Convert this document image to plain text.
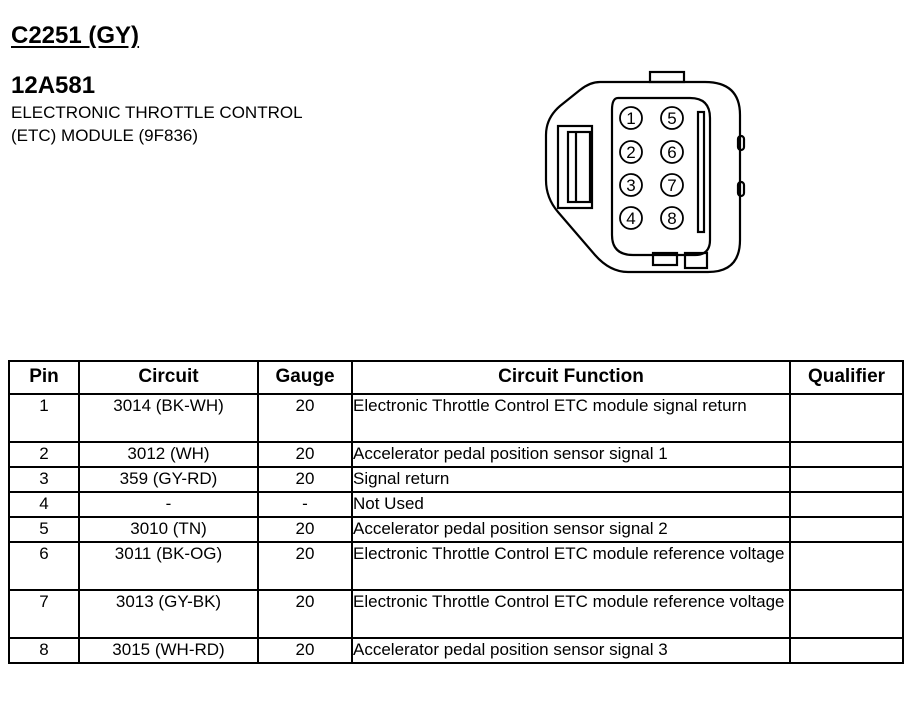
C2251 (GY)
12A581
ELECTRONIC THROTTLE CONTROL
(ETC) MODULE (9F836)
1
2
3
4
5
6
7
8
Pin	Circuit	Gauge	Circuit Function	Qualifier
1	3014 (BK-WH)	20	Electronic Throttle Control ETC module signal return	
2	3012 (WH)	20	Accelerator pedal position sensor signal 1	
3	359 (GY-RD)	20	Signal return	
4	-	-	Not Used	
5	3010 (TN)	20	Accelerator pedal position sensor signal 2	
6	3011 (BK-OG)	20	Electronic Throttle Control ETC module reference voltage	
7	3013 (GY-BK)	20	Electronic Throttle Control ETC module reference voltage	
8	3015 (WH-RD)	20	Accelerator pedal position sensor signal 3	
